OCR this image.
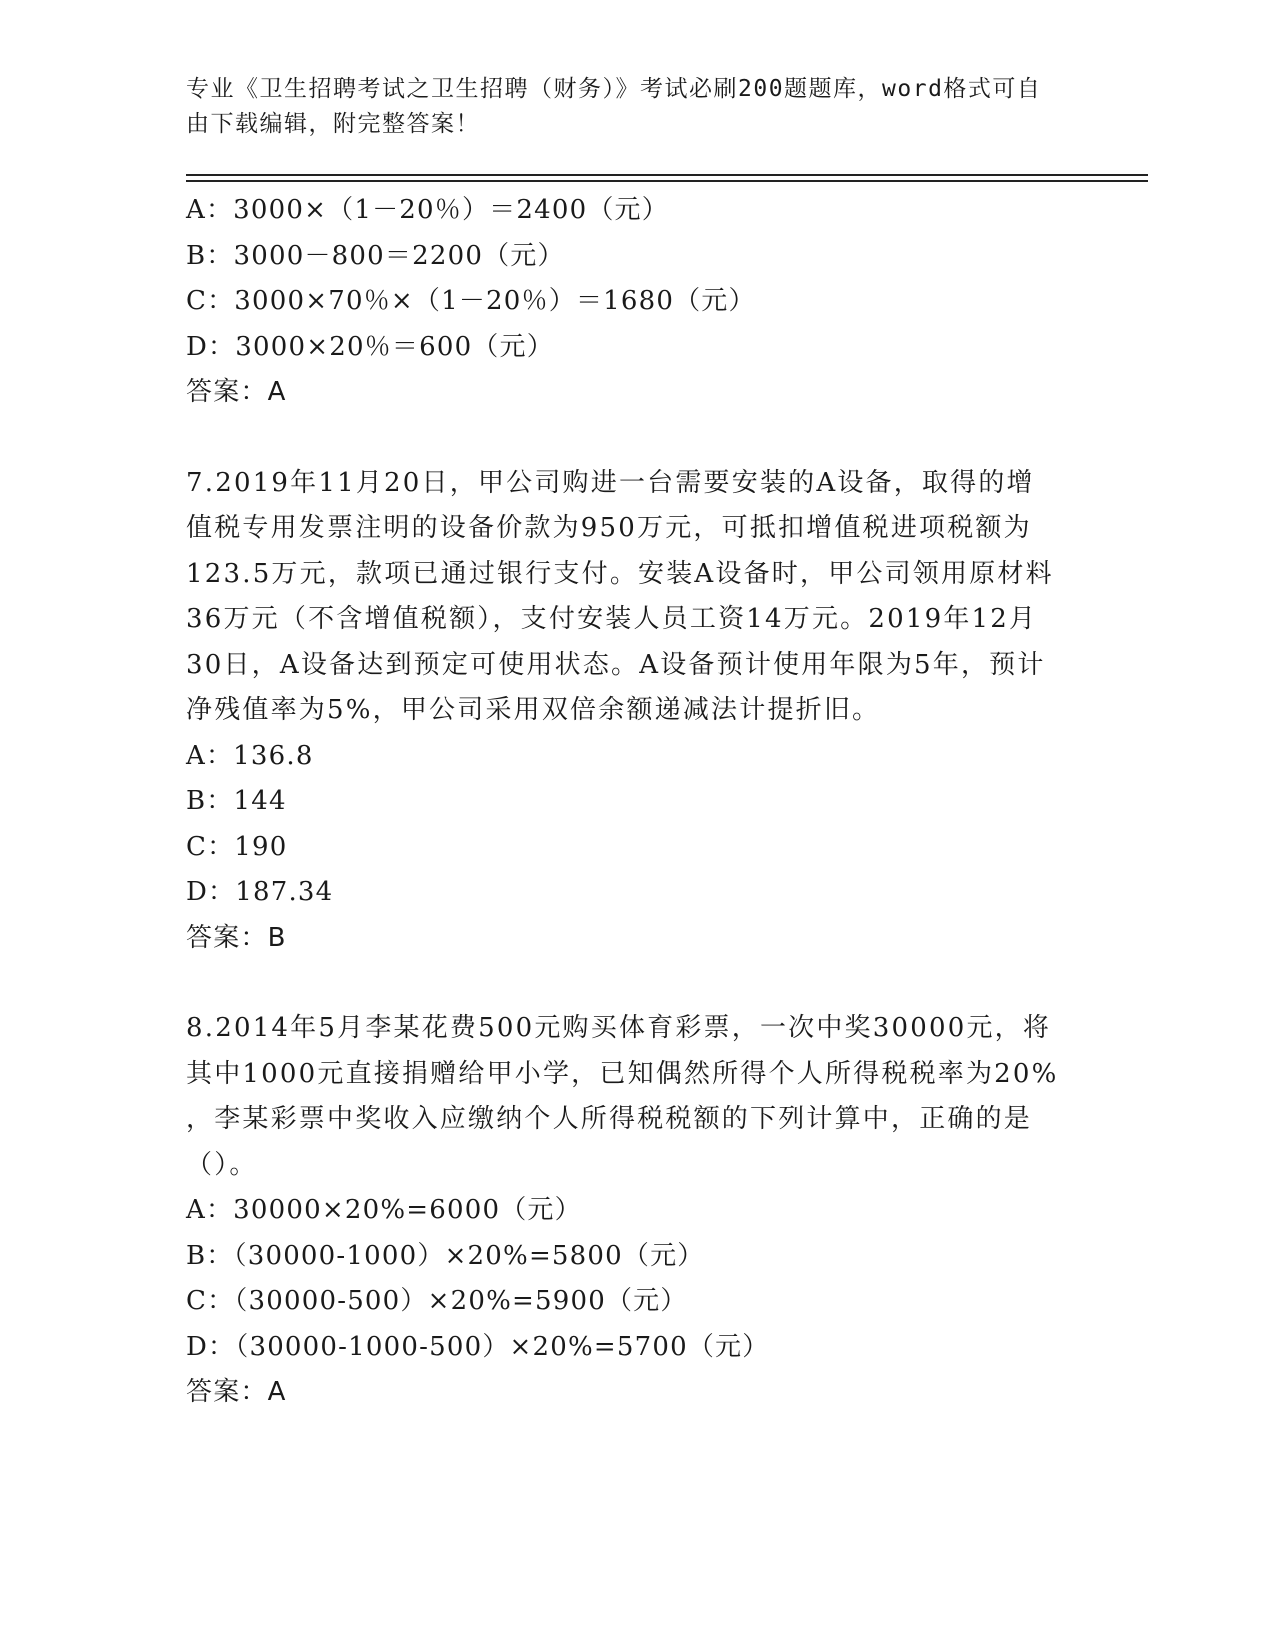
专业《卫生招聘考试之卫生招聘（财务）》考试必刷200题题库，word格式可自
由下载编辑，附完整答案！
A：3000×（1－20％）＝2400（元）
B：3000－800＝2200（元）
C：3000×70％×（1－20％）＝1680（元）
D：3000×20％＝600（元）
答案：A
7.2019年11月20日，甲公司购进一台需要安装的A设备，取得的增
值税专用发票注明的设备价款为950万元，可抵扣增值税进项税额为
123.5万元，款项已通过银行支付。安装A设备时，甲公司领用原材料
36万元（不含增值税额），支付安装人员工资14万元。2019年12月
30日，A设备达到预定可使用状态。A设备预计使用年限为5年，预计
净残值率为5%，甲公司采用双倍余额递减法计提折旧。
A：136.8
B：144
C：190
D：187.34
答案：B
8.2014年5月李某花费500元购买体育彩票，一次中奖30000元，将
其中1000元直接捐赠给甲小学，已知偶然所得个人所得税税率为20%
，李某彩票中奖收入应缴纳个人所得税税额的下列计算中，正确的是
（）。
A：30000×20%=6000（元）
B：（30000-1000）×20%=5800（元）
C：（30000-500）×20%=5900（元）
D：（30000-1000-500）×20%=5700（元）
答案：A
